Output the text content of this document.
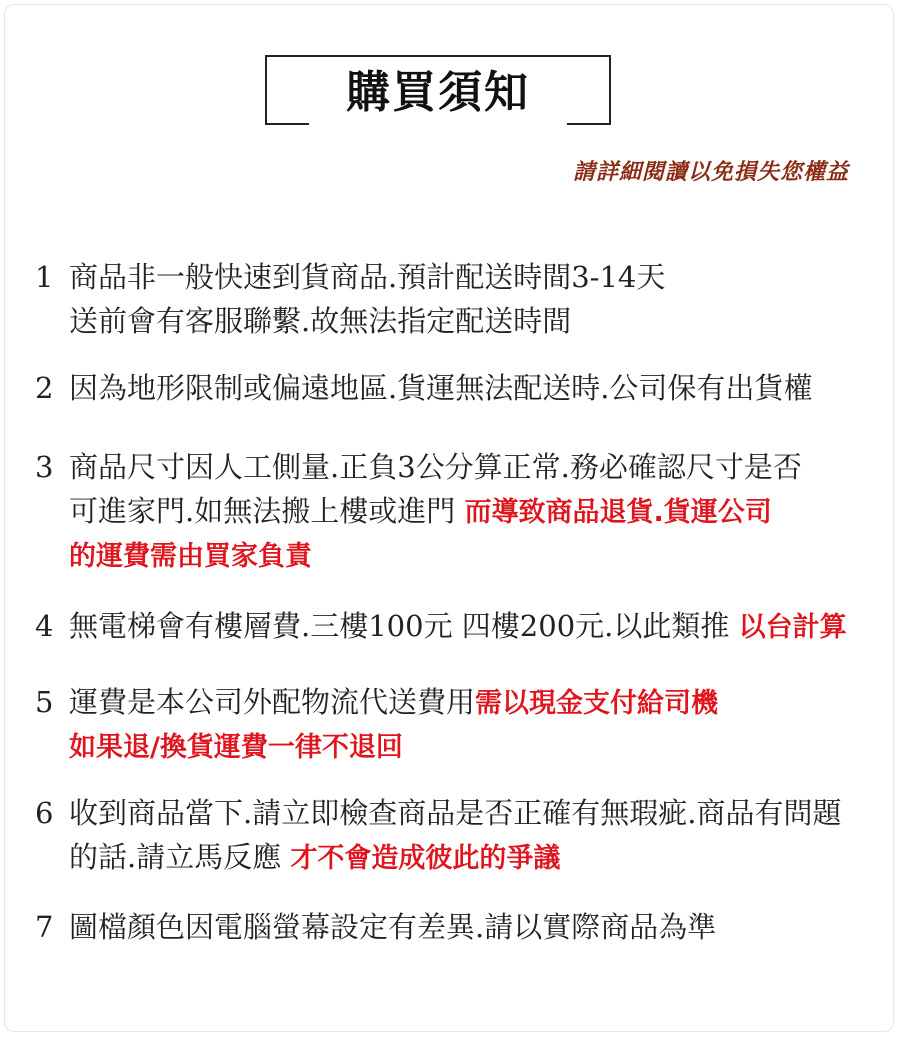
購買須知
請詳細閱讀以免損失您權益
1 商品非一般快速到貨商品.預計配送時間3-14天
送前會有客服聯繫.故無法指定配送時間
2 因為地形限制或偏遠地區.貨運無法配送時.公司保有出貨權
3 商品尺寸因人工側量.正負3公分算正常.務必確認尺寸是否
可進家門.如無法搬上樓或進門 而導致商品退貨.貨運公司
的運費需由買家負責
4 無電梯會有樓層費.三樓100元 四樓200元.以此類推 以台計算
5 運費是本公司外配物流代送費用需以現金支付給司機
如果退/換貨運費一律不退回
6 收到商品當下.請立即檢查商品是否正確有無瑕疵.商品有問題
的話.請立馬反應 才不會造成彼此的爭議
7 圖檔顏色因電腦螢幕設定有差異.請以實際商品為準
